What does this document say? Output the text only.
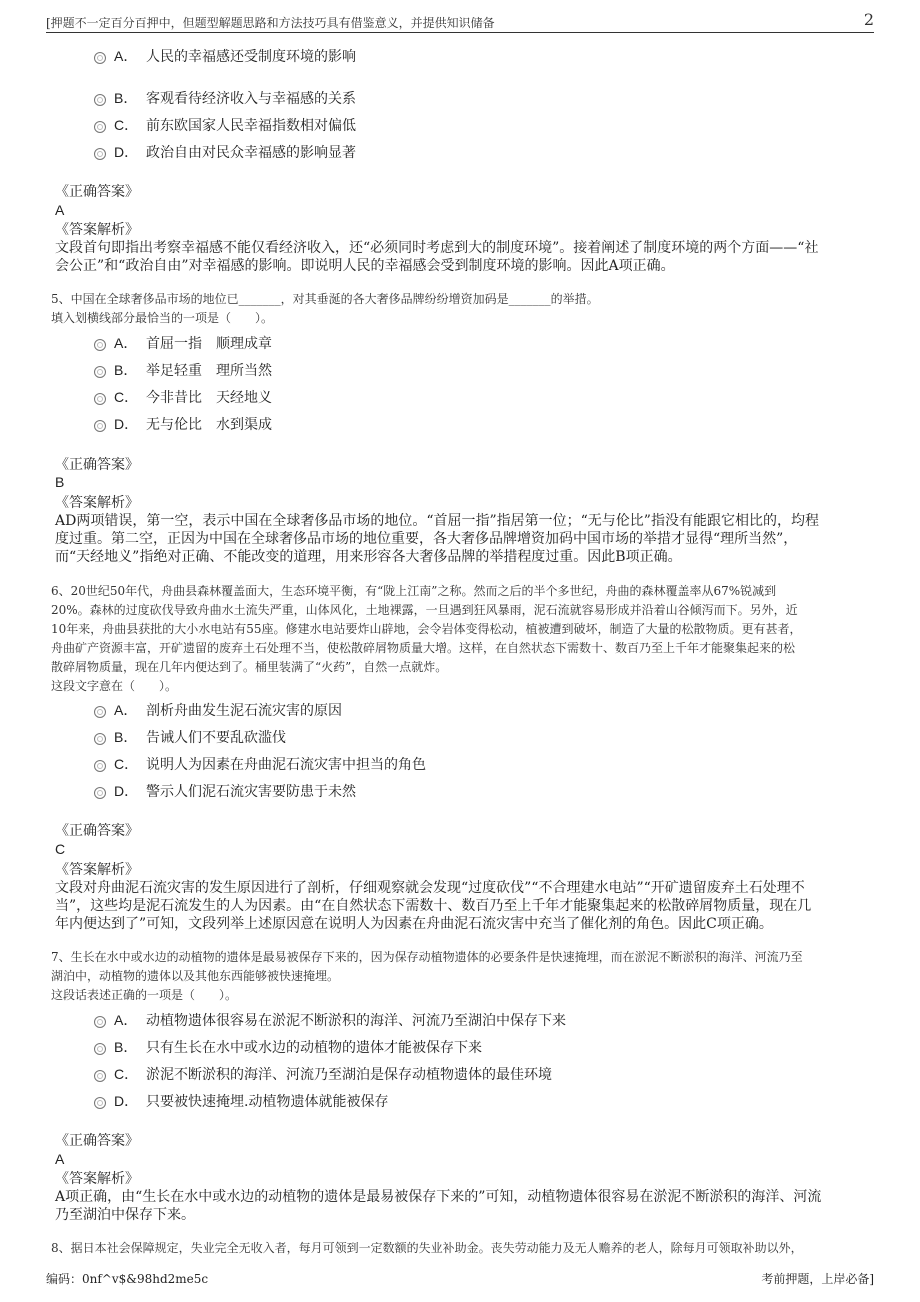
[押题不一定百分百押中，但题型解题思路和方法技巧具有借鉴意义，并提供知识储备	2
A． 人民的幸福感还受制度环境的影响
B． 客观看待经济收入与幸福感的关系
C． 前东欧国家人民幸福指数相对偏低
D． 政治自由对民众幸福感的影响显著
《正确答案》
A
《答案解析》
文段首句即指出考察幸福感不能仅看经济收入，还“必须同时考虑到大的制度环境”。接着阐述了制度环境的两个方面——“社
会公正”和“政治自由”对幸福感的影响。即说明人民的幸福感会受到制度环境的影响。因此A项正确。
5、中国在全球奢侈品市场的地位已_______，对其垂涎的各大奢侈品牌纷纷增资加码是_______的举措。
填入划横线部分最恰当的一项是（　　）。
A． 首屈一指　顺理成章
B． 举足轻重　理所当然
C． 今非昔比　天经地义
D． 无与伦比　水到渠成
《正确答案》
B
《答案解析》
AD两项错误，第一空，表示中国在全球奢侈品市场的地位。“首屈一指”指居第一位；“无与伦比”指没有能跟它相比的，均程
度过重。第二空，正因为中国在全球奢侈品市场的地位重要，各大奢侈品牌增资加码中国市场的举措才显得“理所当然”，
而“天经地义”指绝对正确、不能改变的道理，用来形容各大奢侈品牌的举措程度过重。因此B项正确。
6、20世纪50年代，舟曲县森林覆盖面大，生态环境平衡，有“陇上江南”之称。然而之后的半个多世纪，舟曲的森林覆盖率从67%锐减到
20%。森林的过度砍伐导致舟曲水土流失严重，山体风化，土地裸露，一旦遇到狂风暴雨，泥石流就容易形成并沿着山谷倾泻而下。另外，近
10年来，舟曲县获批的大小水电站有55座。修建水电站要炸山辟地，会令岩体变得松动，植被遭到破坏，制造了大量的松散物质。更有甚者，
舟曲矿产资源丰富，开矿遗留的废弃土石处理不当，使松散碎屑物质量大增。这样，在自然状态下需数十、数百乃至上千年才能聚集起来的松
散碎屑物质量，现在几年内便达到了。桶里装满了“火药”，自然一点就炸。
这段文字意在（　　）。
A． 剖析舟曲发生泥石流灾害的原因
B． 告诫人们不要乱砍滥伐
C． 说明人为因素在舟曲泥石流灾害中担当的角色
D． 警示人们泥石流灾害要防患于未然
《正确答案》
C
《答案解析》
文段对舟曲泥石流灾害的发生原因进行了剖析，仔细观察就会发现“过度砍伐”“不合理建水电站”“开矿遗留废弃土石处理不
当”，这些均是泥石流发生的人为因素。由“在自然状态下需数十、数百乃至上千年才能聚集起来的松散碎屑物质量，现在几
年内便达到了”可知，文段列举上述原因意在说明人为因素在舟曲泥石流灾害中充当了催化剂的角色。因此C项正确。
7、生长在水中或水边的动植物的遗体是最易被保存下来的，因为保存动植物遗体的必要条件是快速掩埋，而在淤泥不断淤积的海洋、河流乃至
湖泊中，动植物的遗体以及其他东西能够被快速掩埋。
这段话表述正确的一项是（　　）。
A． 动植物遗体很容易在淤泥不断淤积的海洋、河流乃至湖泊中保存下来
B． 只有生长在水中或水边的动植物的遗体才能被保存下来
C． 淤泥不断淤积的海洋、河流乃至湖泊是保存动植物遗体的最佳环境
D． 只要被快速掩埋.动植物遗体就能被保存
《正确答案》
A
《答案解析》
A项正确，由“生长在水中或水边的动植物的遗体是最易被保存下来的”可知，动植物遗体很容易在淤泥不断淤积的海洋、河流
乃至湖泊中保存下来。
8、据日本社会保障规定，失业完全无收入者，每月可领到一定数额的失业补助金。丧失劳动能力及无人赡养的老人，除每月可领取补助以外，
编码：0nf^v$&98hd2me5c	考前押题，上岸必备]
